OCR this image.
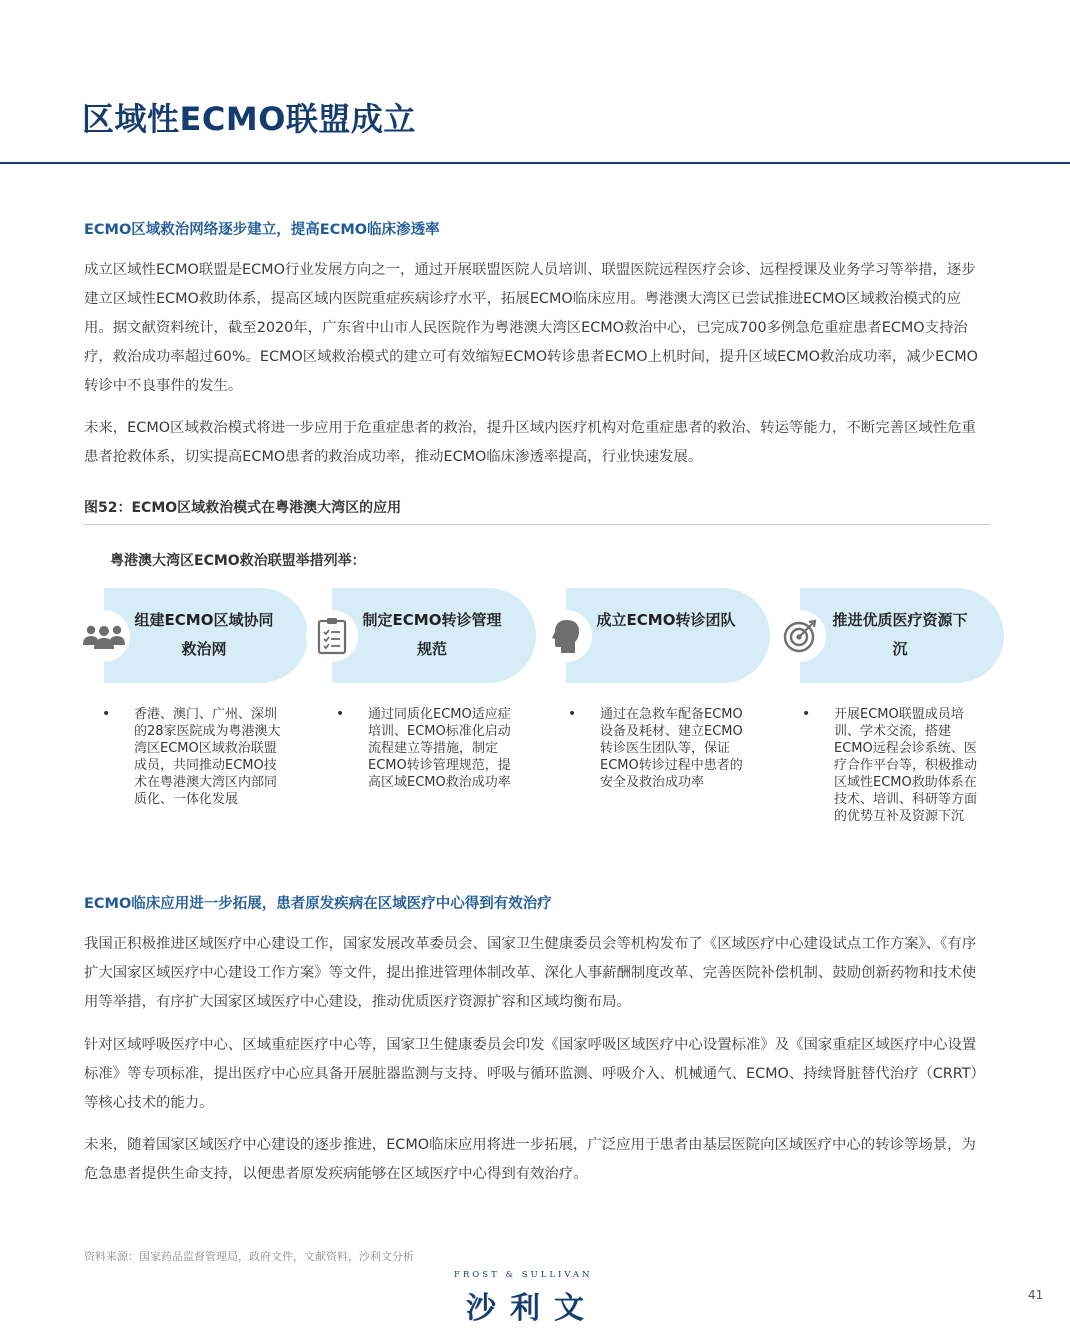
区域性ECMO联盟成立
ECMO区域救治网络逐步建立，提高ECMO临床渗透率

成立区域性ECMO联盟是ECMO行业发展方向之一，通过开展联盟医院人员培训、联盟医院远程医疗会诊、远程授课及业务学习等举措，逐步建立区域性ECMO救助体系，提高区域内医院重症疾病诊疗水平，拓展ECMO临床应用。粤港澳大湾区已尝试推进ECMO区域救治模式的应用。据文献资料统计，截至2020年，广东省中山市人民医院作为粤港澳大湾区ECMO救治中心，已完成700多例急危重症患者ECMO支持治疗，救治成功率超过60%。ECMO区域救治模式的建立可有效缩短ECMO转诊患者ECMO上机时间，提升区域ECMO救治成功率，减少ECMO转诊中不良事件的发生。

未来，ECMO区域救治模式将进一步应用于危重症患者的救治，提升区域内医疗机构对危重症患者的救治、转运等能力，不断完善区域性危重患者抢救体系，切实提高ECMO患者的救治成功率，推动ECMO临床渗透率提高，行业快速发展。

图52：ECMO区域救治模式在粤港澳大湾区的应用
粤港澳大湾区ECMO救治联盟举措列举：
组建ECMO区域协同救治网
制定ECMO转诊管理规范
成立ECMO转诊团队	推进优质医疗资源下沉
• 香港、澳门、广州、深圳的28家医院成为粤港澳大湾区ECMO区域救治联盟成员，共同推动ECMO技术在粤港澳大湾区内部同质化、一体化发展
• 通过同质化ECMO适应症培训、ECMO标准化启动流程建立等措施，制定ECMO转诊管理规范，提高区域ECMO救治成功率
• 通过在急救车配备ECMO设备及耗材、建立ECMO转诊医生团队等，保证ECMO转诊过程中患者的安全及救治成功率
• 开展ECMO联盟成员培训、学术交流，搭建ECMO远程会诊系统、医疗合作平台等，积极推动区域性ECMO救助体系在技术、培训、科研等方面的优势互补及资源下沉
ECMO临床应用进一步拓展，患者原发疾病在区域医疗中心得到有效治疗

我国正积极推进区域医疗中心建设工作，国家发展改革委员会、国家卫生健康委员会等机构发布了《区域医疗中心建设试点工作方案》、《有序扩大国家区域医疗中心建设工作方案》等文件，提出推进管理体制改革、深化人事薪酬制度改革、完善医院补偿机制、鼓励创新药物和技术使用等举措，有序扩大国家区域医疗中心建设，推动优质医疗资源扩容和区域均衡布局。

针对区域呼吸医疗中心、区域重症医疗中心等，国家卫生健康委员会印发《国家呼吸区域医疗中心设置标准》及《国家重症区域医疗中心设置标准》等专项标准，提出医疗中心应具备开展脏器监测与支持、呼吸与循环监测、呼吸介入、机械通气、ECMO、持续肾脏替代治疗（CRRT）等核心技术的能力。

未来，随着国家区域医疗中心建设的逐步推进，ECMO临床应用将进一步拓展，广泛应用于患者由基层医院向区域医疗中心的转诊等场景，为危急患者提供生命支持，以便患者原发疾病能够在区域医疗中心得到有效治疗。

资料来源：国家药品监督管理局，政府文件，文献资料，沙利文分析
FROST & SULLIVAN
沙利文	41
